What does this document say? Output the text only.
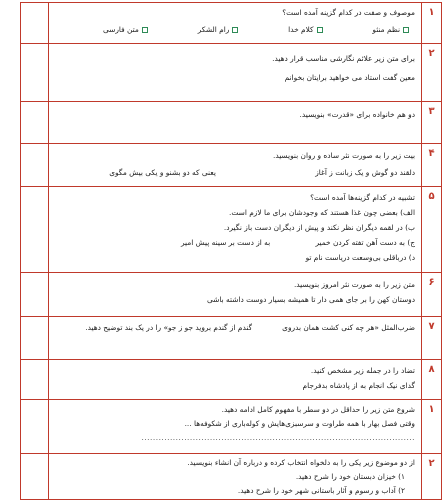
۱
موصوف و صفت در کدام گزینه آمده است؟
نظم منثو
کلام خدا
رام الشکر
متن فارسی
۲
برای متن زیر علائم نگارشی مناسب قرار دهید.
معین گفت استاد می خواهید برایتان بخوانم
۳
دو هم خانواده برای «قدرت» بنویسید.
۴
بیت زیر را به صورت نثر ساده و روان بنویسید.
دلقند دو گوش و یک زبانت ز آغاز
یعنی که دو بشنو و یکی بیش مگوی
۵
تشبیه در کدام گزینه‌ها آمده است؟
الف) بعضی چون غذا هستند که وجودشان برای ما لازم است.
ب) در لقمه دیگران نظر نکند و پیش از دیگران دست باز نگیرد.
ج) به دست آهن تفته کردن خمیر
به از دست بر سینه پیش امیر
د) درباقلی بی‌وسعت دریاست نام تو
۶
متن زیر را به صورت نثر امروز بنویسید.
دوستان کهن را بر جای همی دار تا همیشه بسیار دوست داشته باشی
۷
ضرب‌المثل «هر چه کنی کشت همان بدروی
گندم از گندم بروید جو ز جو» را در یک بند توضیح دهید.
۸
تضاد را در جمله زیر مشخص کنید.
گدای نیک انجام به از پادشاه بدفرجام
۱
شروع متن زیر را حداقل در دو سطر با مفهوم کامل ادامه دهید.
وقتی فصل بهار با همه طراوت و سرسبزی‌هایش و کوله‌باری از شکوفه‌ها ...
................................................................................................
۲
از دو موضوع زیر یکی را به دلخواه انتخاب کرده و درباره آن انشاء بنویسید.
۱) خیزان دبستان خود را شرح دهید.
۲) آداب و رسوم و آثار باستانی شهر خود را شرح دهید.
